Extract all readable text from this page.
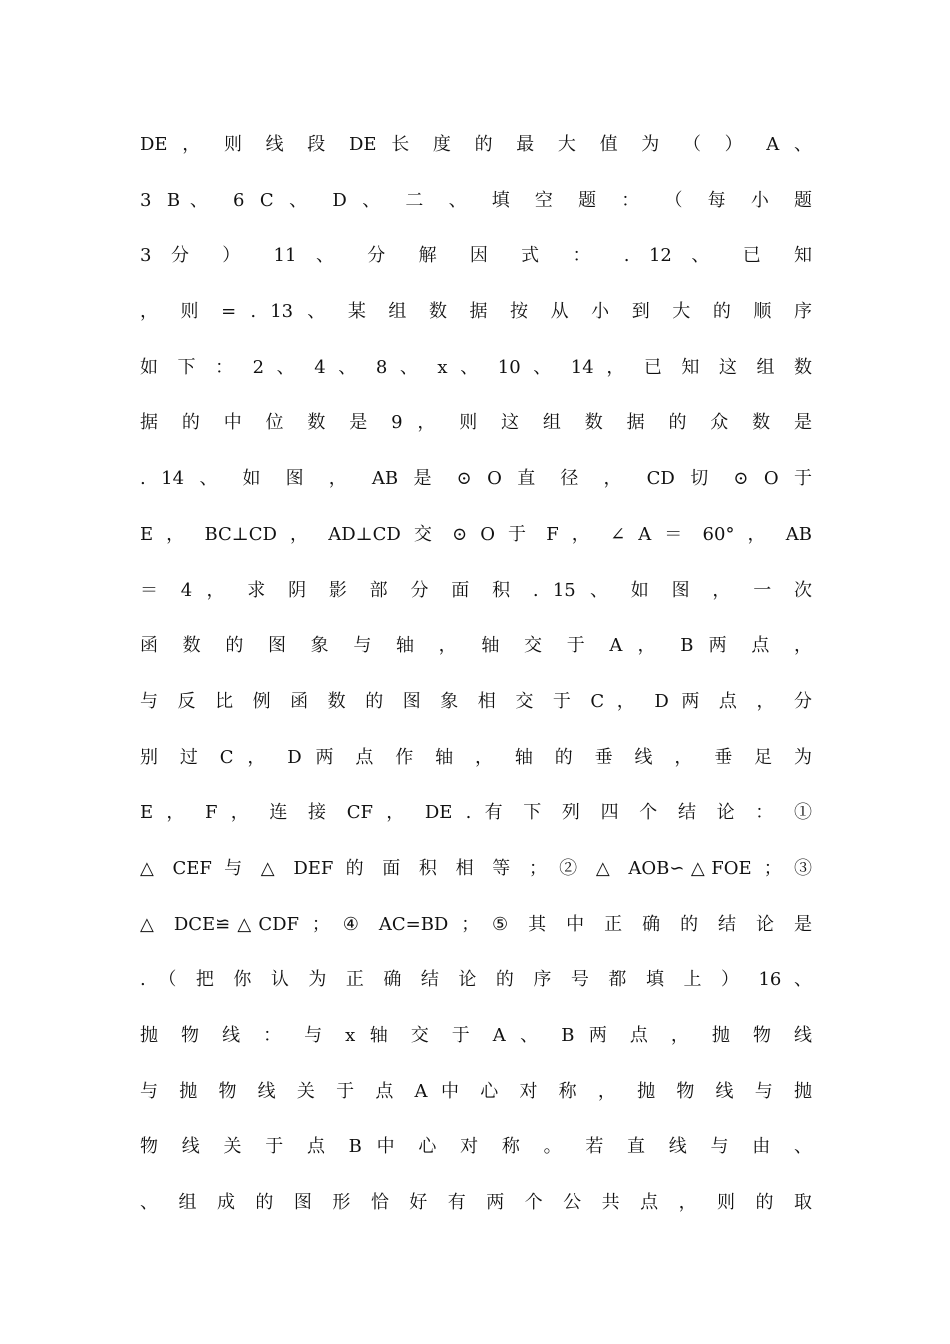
DE ， 则 线 段 DE 长 度 的 最 大 值 为 （ ） A 、
3 B、 6 C 、 D 、 二 、 填 空 题 ： （ 每 小 题
3 分 ） 11 、 分 解 因 式 ： . 12 、 已 知
， 则 = . 13 、 某 组 数 据 按 从 小 到 大 的 顺 序
如 下 ： 2 、 4 、 8 、 x 、 10 、 14 ， 已 知 这 组 数
据 的 中 位 数 是 9 ， 则 这 组 数 据 的 众 数 是
. 14 、 如 图 ， AB 是 ⊙ O 直 径 ， CD 切 ⊙ O 于
E ， BC⊥CD ， AD⊥CD 交 ⊙ O 于 F ， ∠ A ＝ 60° ， AB
＝ 4 ， 求 阴 影 部 分 面 积 . 15 、 如 图 ， 一 次
函 数 的 图 象 与 轴 ， 轴 交 于 A ， B 两 点 ，
与 反 比 例 函 数 的 图 象 相 交 于 C ， D 两 点 ， 分
别 过 C ， D 两 点 作 轴 ， 轴 的 垂 线 ， 垂 足 为
E ， F ， 连 接 CF ， DE . 有 下 列 四 个 结 论 ： ①
△ CEF 与 △ DEF 的 面 积 相 等 ； ② △ AOB∽△FOE ； ③
△ DCE≌△CDF ； ④ AC=BD ； ⑤ 其 中 正 确 的 结 论 是
. （ 把 你 认 为 正 确 结 论 的 序 号 都 填 上 ） 16 、
抛 物 线 ： 与 x 轴 交 于 A 、 B 两 点 ， 抛 物 线
与 抛 物 线 关 于 点 A 中 心 对 称 ， 抛 物 线 与 抛
物 线 关 于 点 B 中 心 对 称 。 若 直 线 与 由 、
、 组 成 的 图 形 恰 好 有 两 个 公 共 点 ， 则 的 取
